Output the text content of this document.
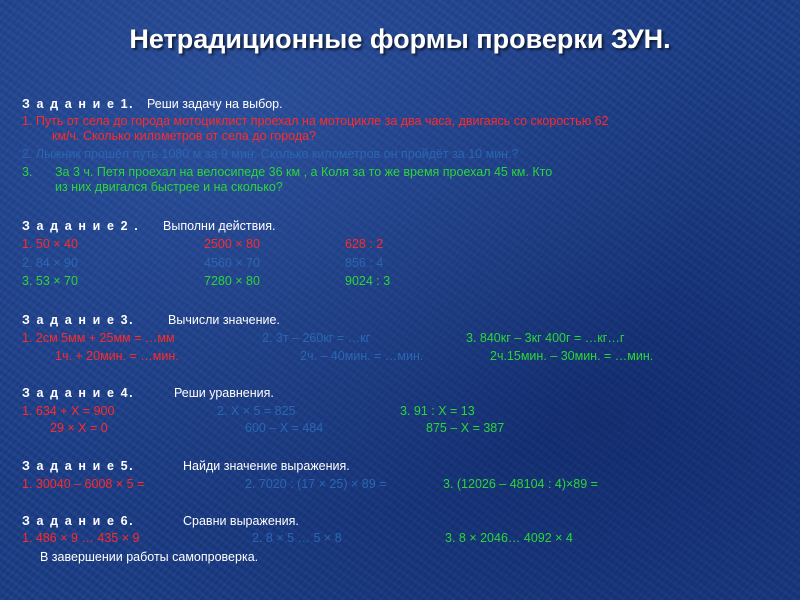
Нетрадиционные формы проверки ЗУН.
З а д а н и е 1. Реши задачу на выбор.
1. Путь от села до города мотоциклист проехал на мотоцикле за два часа, двигаясь со скоростью 62
км/ч. Сколько километров от села до города?
2. Лыжник прошёл путь 1080 м за 9 мин. Сколько километров он пройдёт за 10 мин.?
3. За 3 ч. Петя проехал на велосипеде 36 км , а Коля за то же время проехал 45 км. Кто
из них двигался быстрее и на сколько?
З а д а н и е 2 . Выполни действия.
1. 50 × 40	2500 × 80	628 : 2
2. 84 × 90	4560 × 70	856 : 4
3. 53 × 70	7280 × 80	9024 : 3
З а д а н и е 3.	Вычисли значение.
1. 2см 5мм + 25мм = …мм	2. 3т – 260кг = …кг	3. 840кг – 3кг 400г = …кг…г
1ч. + 20мин. = …мин.	2ч. – 40мин. = …мин.	2ч.15мин. – 30мин. = …мин.
З а д а н и е 4.	Реши уравнения.
1. 634 + Х = 900	2. Х × 5 = 825	3. 91 : Х = 13
29 × Х = 0	600 – Х = 484	875 – Х = 387
З а д а н и е 5.	Найди значение выражения.
1. 30040 – 6008 × 5 =	2. 7020 : (17 × 25) × 89 =	3. (12026 – 48104 : 4)×89 =
З а д а н и е 6.	Сравни выражения.
1. 486 × 9 … 435 × 9	2. 8 × 5 … 5 × 8	3. 8 × 2046… 4092 × 4
В завершении работы самопроверка.
